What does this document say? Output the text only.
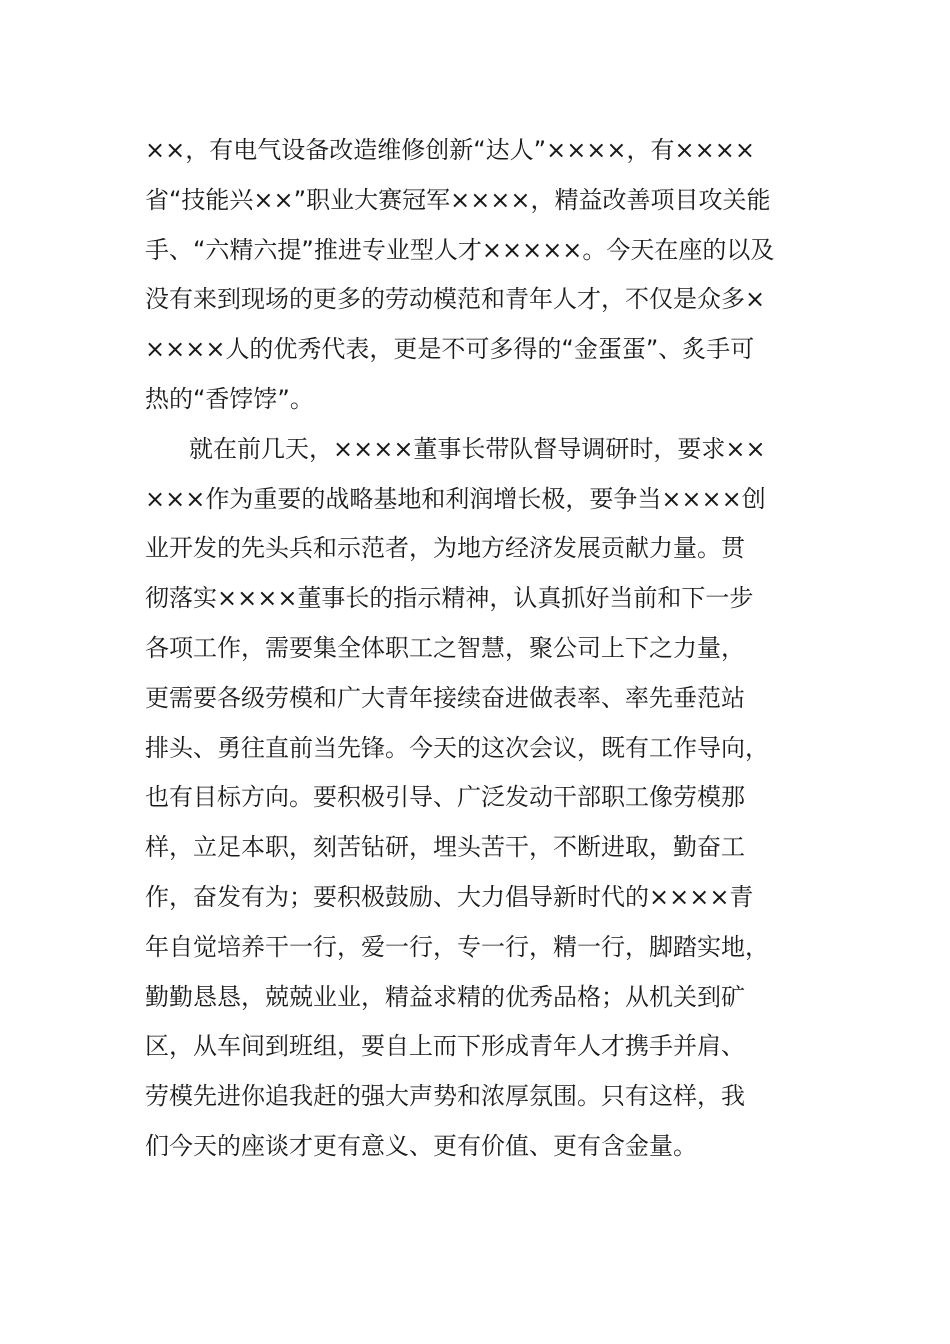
××，有电气设备改造维修创新“达人”××××，有××××
省“技能兴××”职业大赛冠军××××，精益改善项目攻关能
手、“六精六提”推进专业型人才×××××。今天在座的以及
没有来到现场的更多的劳动模范和青年人才，不仅是众多×
××××人的优秀代表，更是不可多得的“金蛋蛋”、炙手可
热的“香饽饽”。
就在前几天，××××董事长带队督导调研时，要求××
×××作为重要的战略基地和利润增长极，要争当××××创
业开发的先头兵和示范者，为地方经济发展贡献力量。贯
彻落实××××董事长的指示精神，认真抓好当前和下一步
各项工作，需要集全体职工之智慧，聚公司上下之力量，
更需要各级劳模和广大青年接续奋进做表率、率先垂范站
排头、勇往直前当先锋。今天的这次会议，既有工作导向，
也有目标方向。要积极引导、广泛发动干部职工像劳模那
样，立足本职，刻苦钻研，埋头苦干，不断进取，勤奋工
作，奋发有为；要积极鼓励、大力倡导新时代的××××青
年自觉培养干一行，爱一行，专一行，精一行，脚踏实地，
勤勤恳恳，兢兢业业，精益求精的优秀品格；从机关到矿
区，从车间到班组，要自上而下形成青年人才携手并肩、
劳模先进你追我赶的强大声势和浓厚氛围。只有这样，我
们今天的座谈才更有意义、更有价值、更有含金量。
